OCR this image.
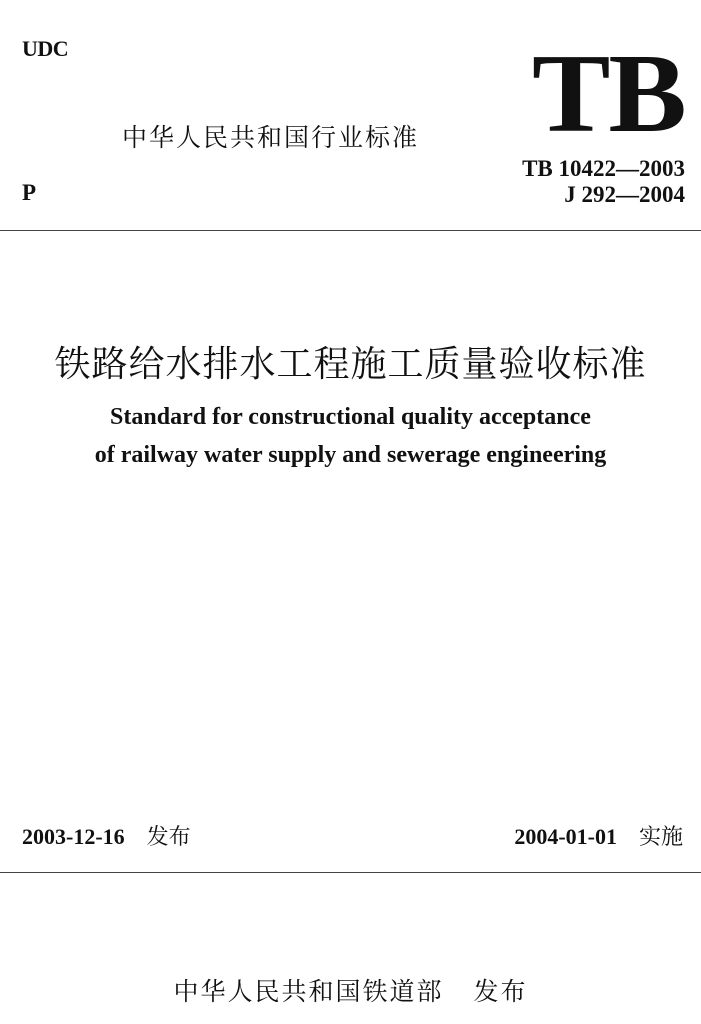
UDC
中华人民共和国行业标准 TB
P
TB 10422—2003
J 292—2004
铁路给水排水工程施工质量验收标准
Standard for constructional quality acceptance
of railway water supply and sewerage engineering
2003-12-16 发布	2004-01-01 实施
中华人民共和国铁道部 发布
